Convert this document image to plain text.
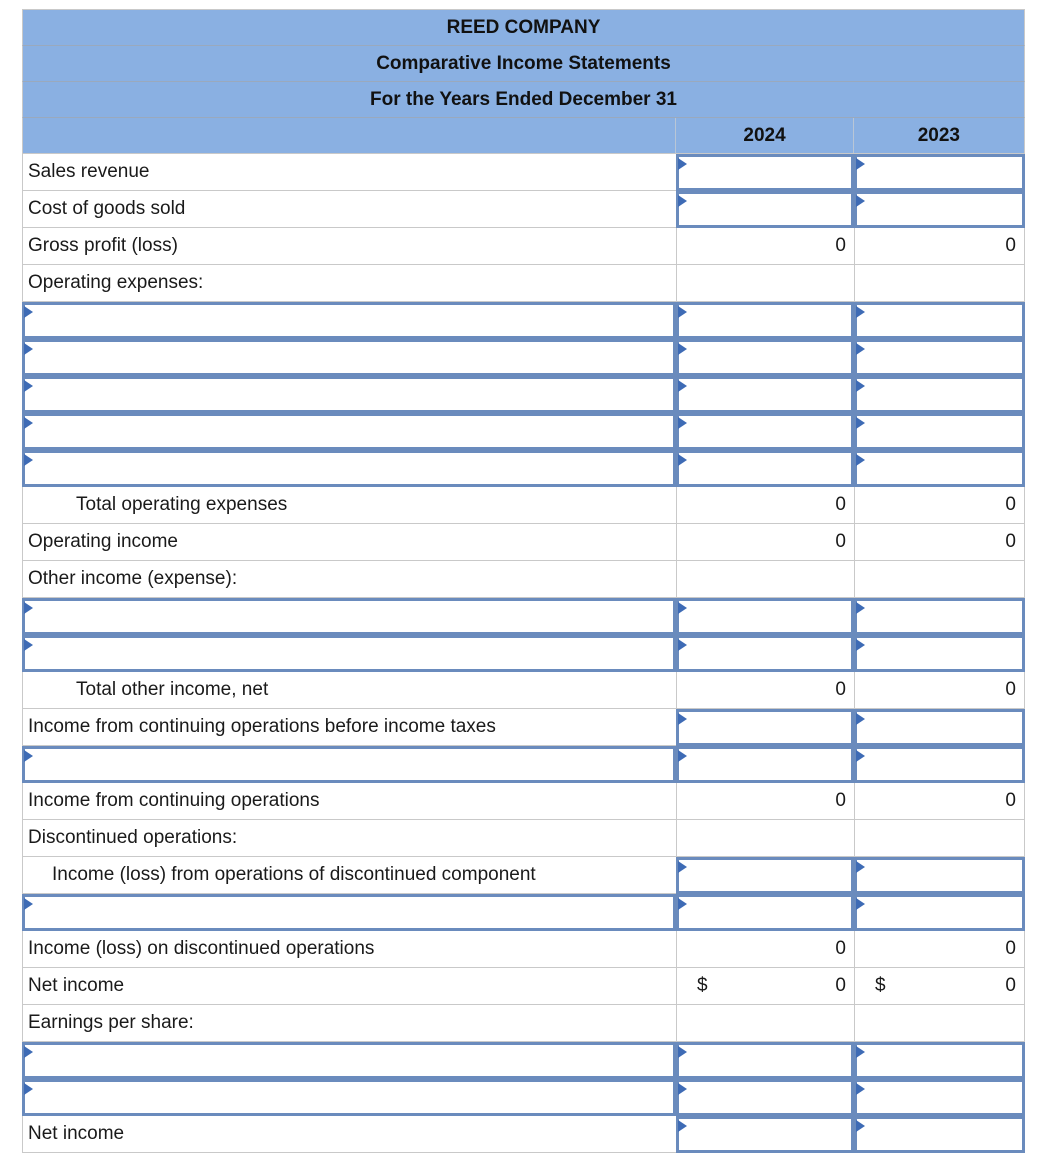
REED COMPANY
Comparative Income Statements
For the Years Ended December 31
2024	2023
Sales revenue
Cost of goods sold
Gross profit (loss)	0	0
Operating expenses:
Total operating expenses	0	0
Operating income	0	0
Other income (expense):
Total other income, net	0	0
Income from continuing operations before income taxes
Income from continuing operations	0	0
Discontinued operations:
Income (loss) from operations of discontinued component
Income (loss) on discontinued operations	0	0
Net income	$	0 $	0
Earnings per share:
Net income
